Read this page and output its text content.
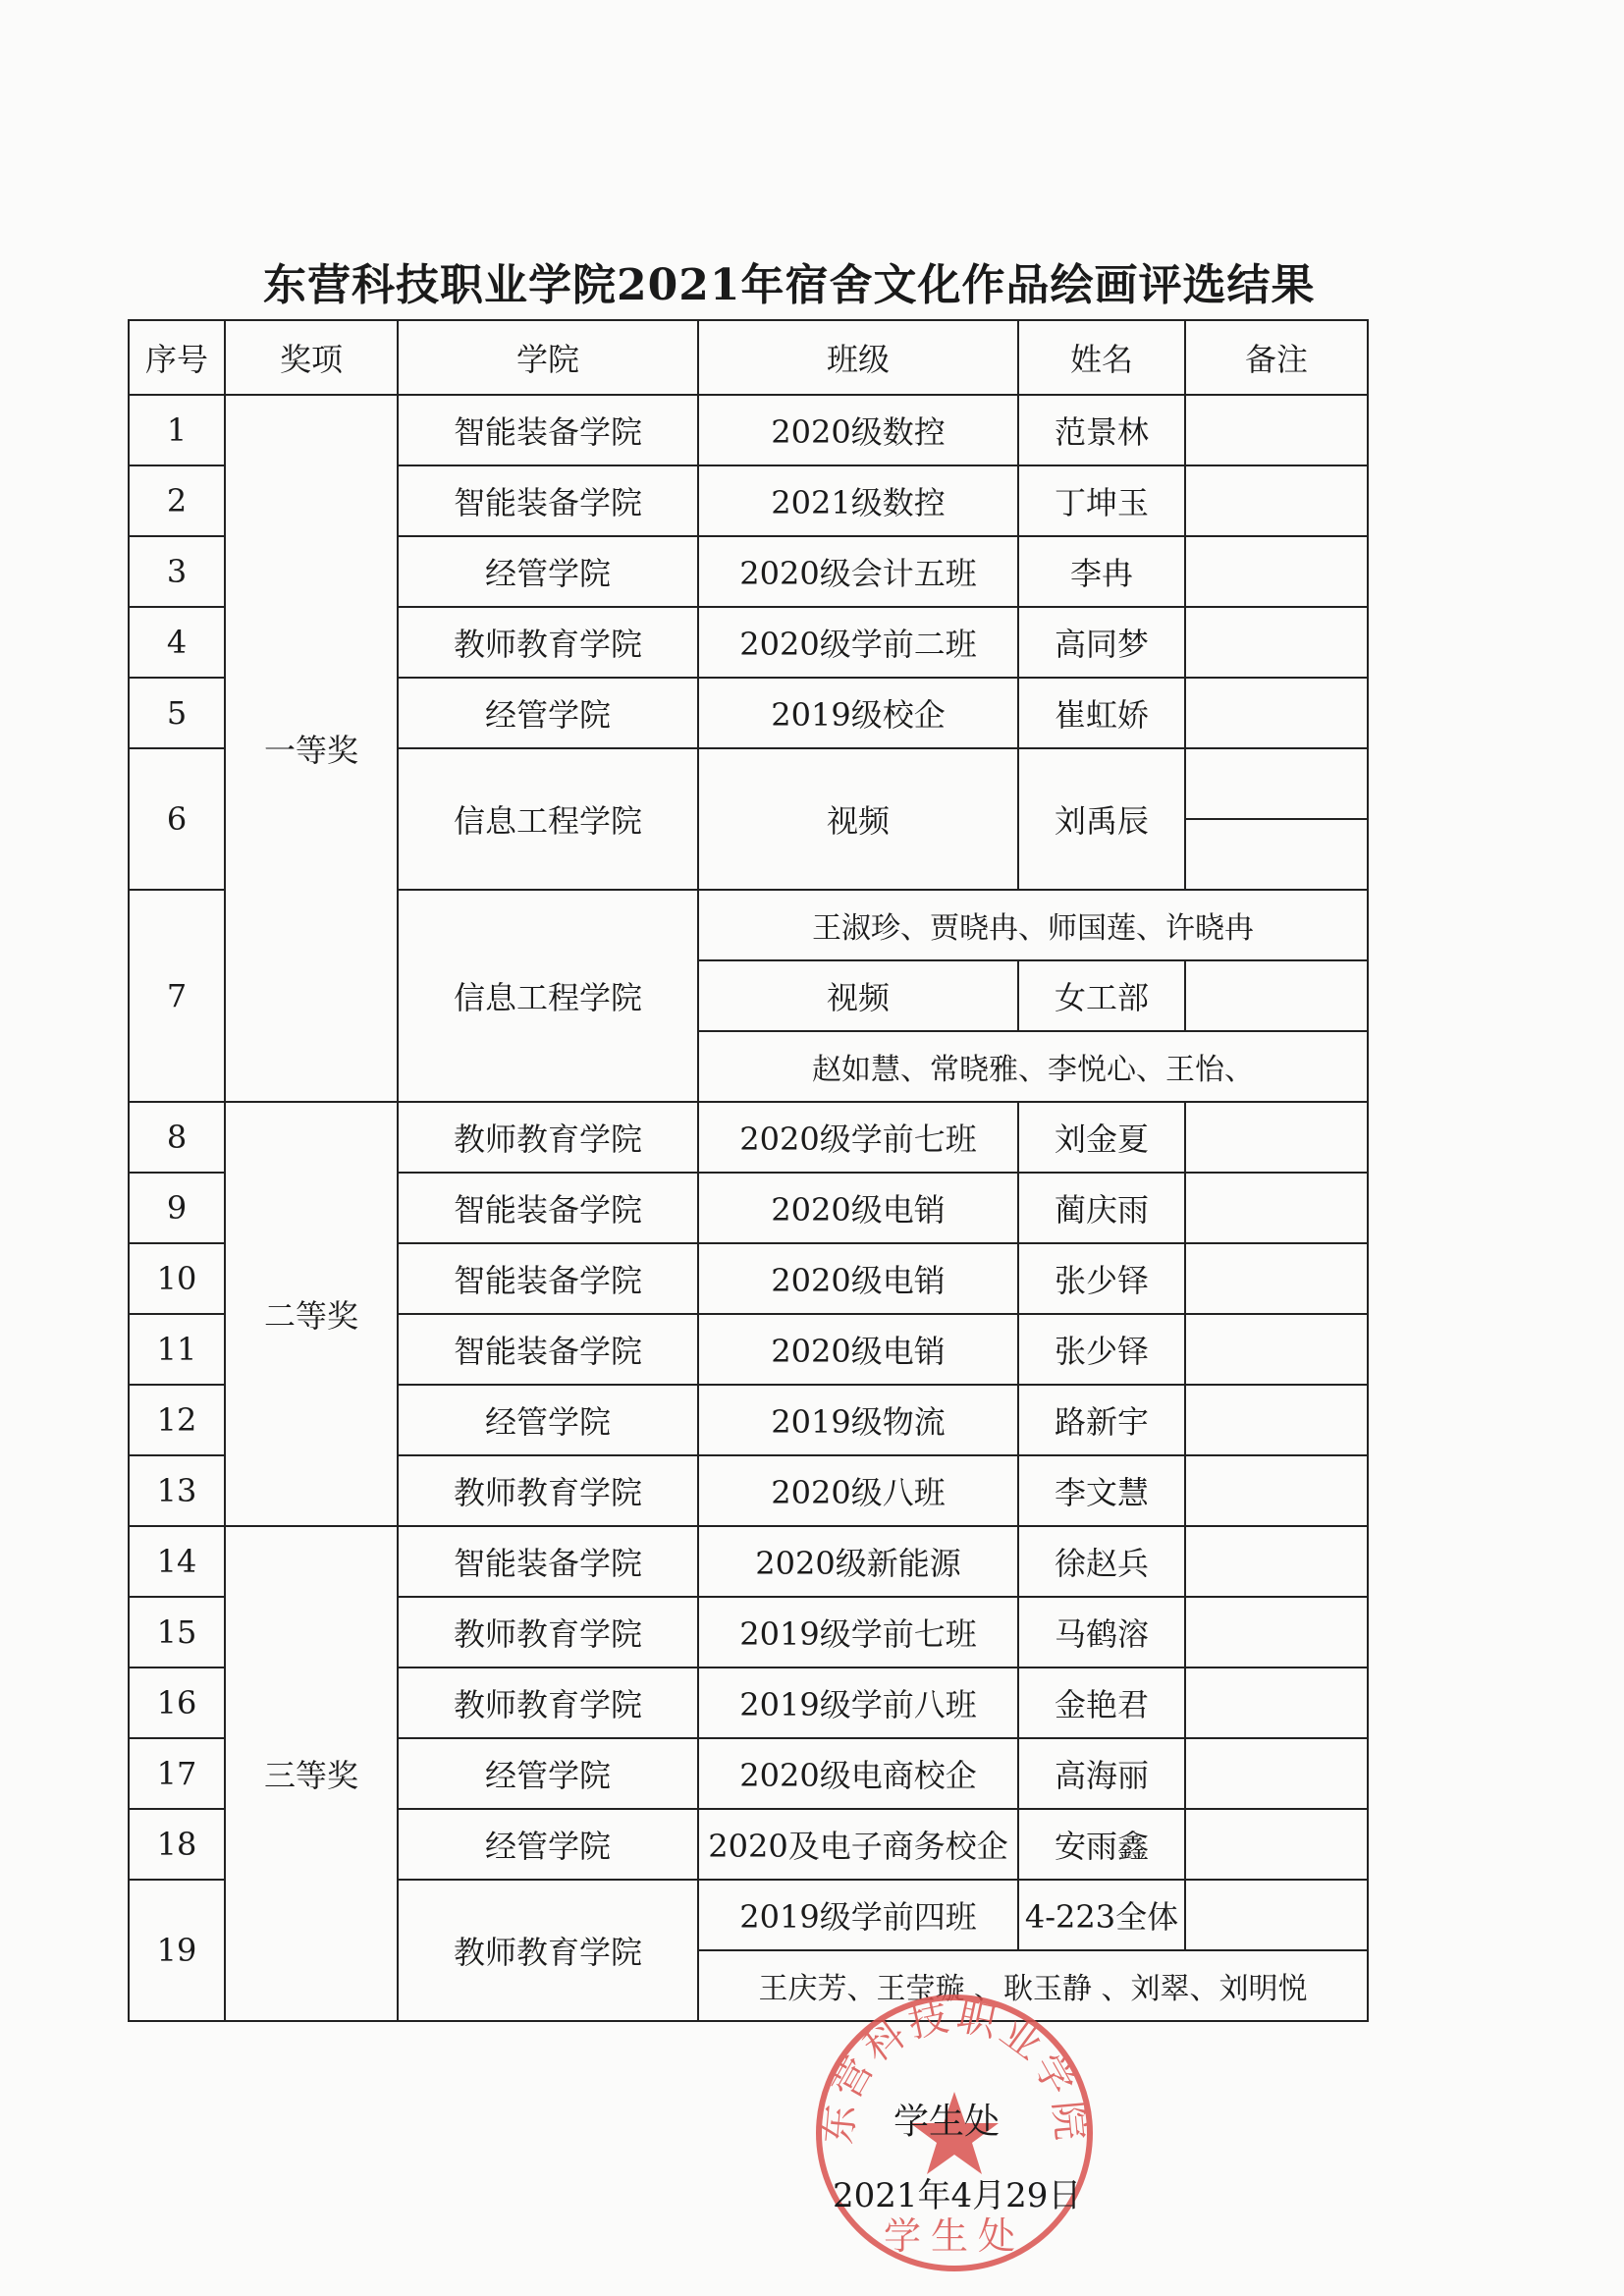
东营科技职业学院2021年宿舍文化作品绘画评选结果
序号	奖项	学院	班级	姓名	备注
1	一等奖	智能装备学院	2020级数控	范景林	
2		智能装备学院	2021级数控	丁坤玉	
3		经管学院	2020级会计五班	李冉	
4		教师教育学院	2020级学前二班	高同梦	
5		经管学院	2019级校企	崔虹娇	
6		信息工程学院	视频	刘禹辰	

7		信息工程学院	王淑珍、贾晓冉、师国莲、许晓冉		
			视频	女工部	
			赵如慧、常晓雅、李悦心、王怡、		
8	二等奖	教师教育学院	2020级学前七班	刘金夏	
9		智能装备学院	2020级电销	蔺庆雨	
10		智能装备学院	2020级电销	张少铎	
11		智能装备学院	2020级电销	张少铎	
12		经管学院	2019级物流	路新宇	
13		教师教育学院	2020级八班	李文慧	
14	三等奖	智能装备学院	2020级新能源	徐赵兵	
15		教师教育学院	2019级学前七班	马鹤溶	
16		教师教育学院	2019级学前八班	金艳君	
17		经管学院	2020级电商校企	高海丽	
18		经管学院	2020及电子商务校企	安雨鑫	
19		教师教育学院	2019级学前四班	4-223全体	
			王庆芳、王莹璇 、耿玉静 、刘翠、刘明悦		
东营科技职业学院
学生处
学生处
2021年4月29日
